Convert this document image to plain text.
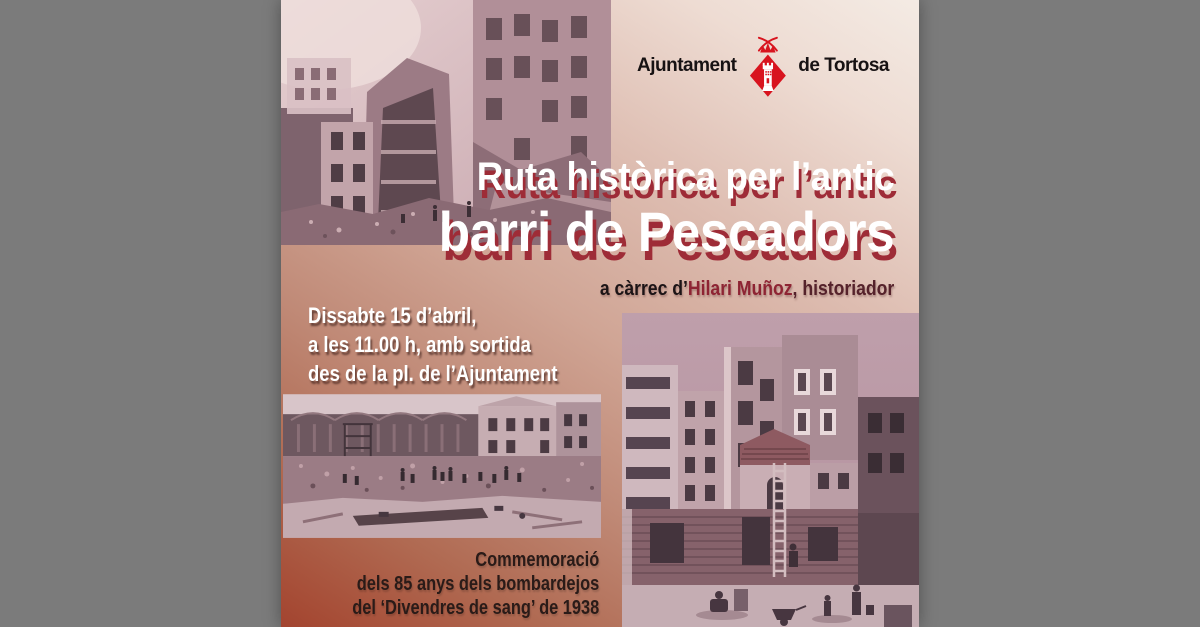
Ajuntament	de Tortosa
Ruta històrica per l’antic
barri de Pescadors
a càrrec d’Hilari Muñoz, historiador
Dissabte 15 d’abril,
a les 11.00 h, amb sortida
des de la pl. de l’Ajuntament
Commemoració
dels 85 anys dels bombardejos
del ‘Divendres de sang’ de 1938
